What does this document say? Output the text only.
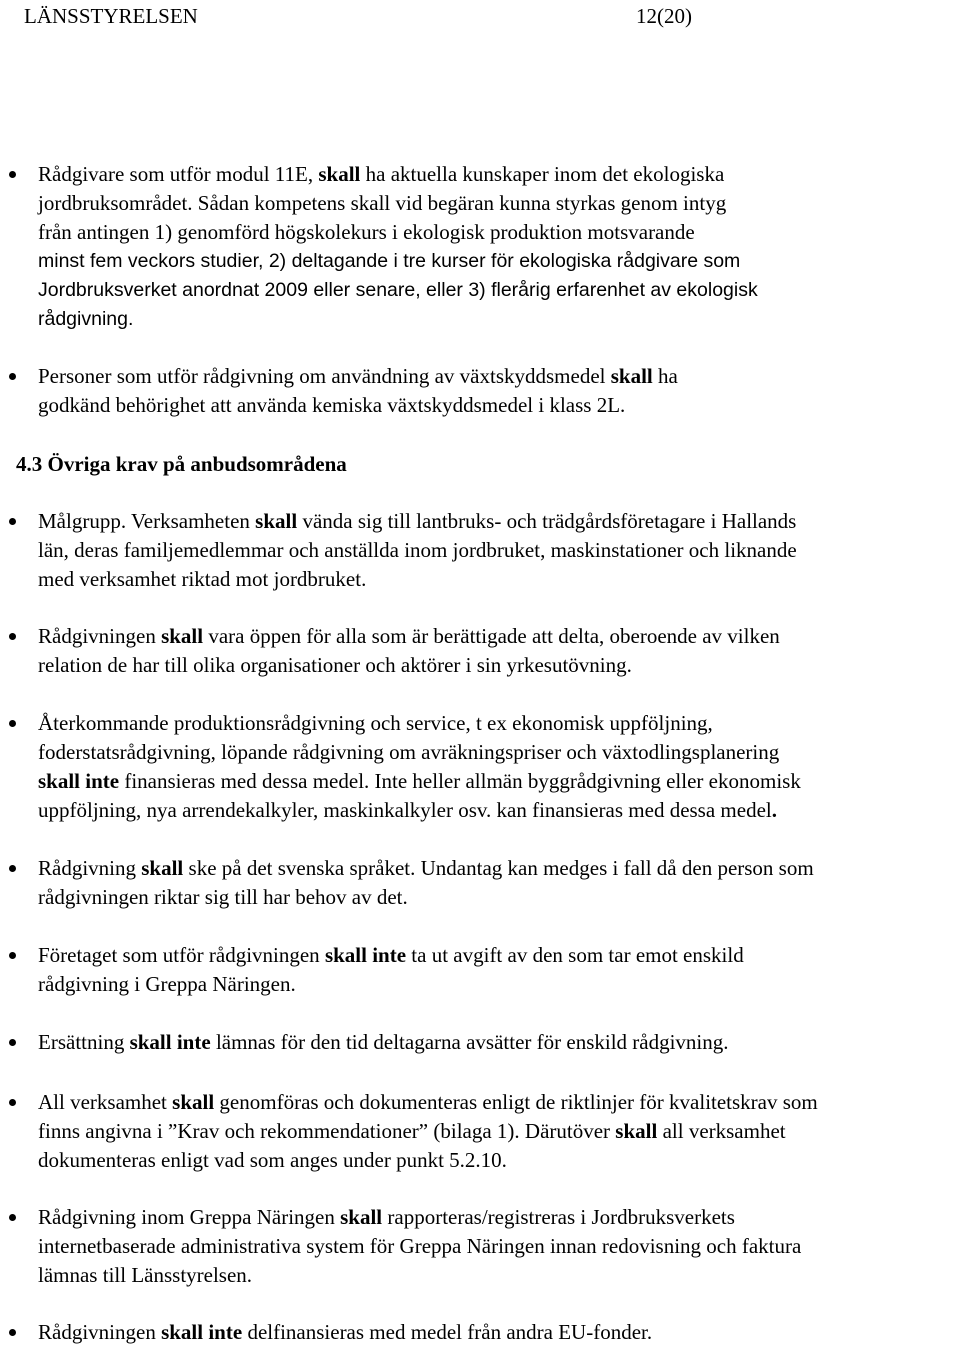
LÄNSSTYRELSEN	12(20)
Rådgivare som utför modul 11E, skall ha aktuella kunskaper inom det ekologiska
jordbruksområdet. Sådan kompetens skall vid begäran kunna styrkas genom intyg
från antingen 1) genomförd högskolekurs i ekologisk produktion motsvarande
minst fem veckors studier, 2) deltagande i tre kurser för ekologiska rådgivare som
Jordbruksverket anordnat 2009 eller senare, eller 3) flerårig erfarenhet av ekologisk
rådgivning.
Personer som utför rådgivning om användning av växtskyddsmedel skall ha
godkänd behörighet att använda kemiska växtskyddsmedel i klass 2L.
4.3 Övriga krav på anbudsområdena
Målgrupp. Verksamheten skall vända sig till lantbruks- och trädgårdsföretagare i Hallands
län, deras familjemedlemmar och anställda inom jordbruket, maskinstationer och liknande
med verksamhet riktad mot jordbruket.
Rådgivningen skall vara öppen för alla som är berättigade att delta, oberoende av vilken
relation de har till olika organisationer och aktörer i sin yrkesutövning.
Återkommande produktionsrådgivning och service, t ex ekonomisk uppföljning,
foderstatsrådgivning, löpande rådgivning om avräkningspriser och växtodlingsplanering
skall inte finansieras med dessa medel. Inte heller allmän byggrådgivning eller ekonomisk
uppföljning, nya arrendekalkyler, maskinkalkyler osv. kan finansieras med dessa medel.
Rådgivning skall ske på det svenska språket. Undantag kan medges i fall då den person som
rådgivningen riktar sig till har behov av det.
Företaget som utför rådgivningen skall inte ta ut avgift av den som tar emot enskild
rådgivning i Greppa Näringen.
Ersättning skall inte lämnas för den tid deltagarna avsätter för enskild rådgivning.
All verksamhet skall genomföras och dokumenteras enligt de riktlinjer för kvalitetskrav som
finns angivna i ”Krav och rekommendationer” (bilaga 1). Därutöver skall all verksamhet
dokumenteras enligt vad som anges under punkt 5.2.10.
Rådgivning inom Greppa Näringen skall rapporteras/registreras i Jordbruksverkets
internetbaserade administrativa system för Greppa Näringen innan redovisning och faktura
lämnas till Länsstyrelsen.
Rådgivningen skall inte delfinansieras med medel från andra EU-fonder.
